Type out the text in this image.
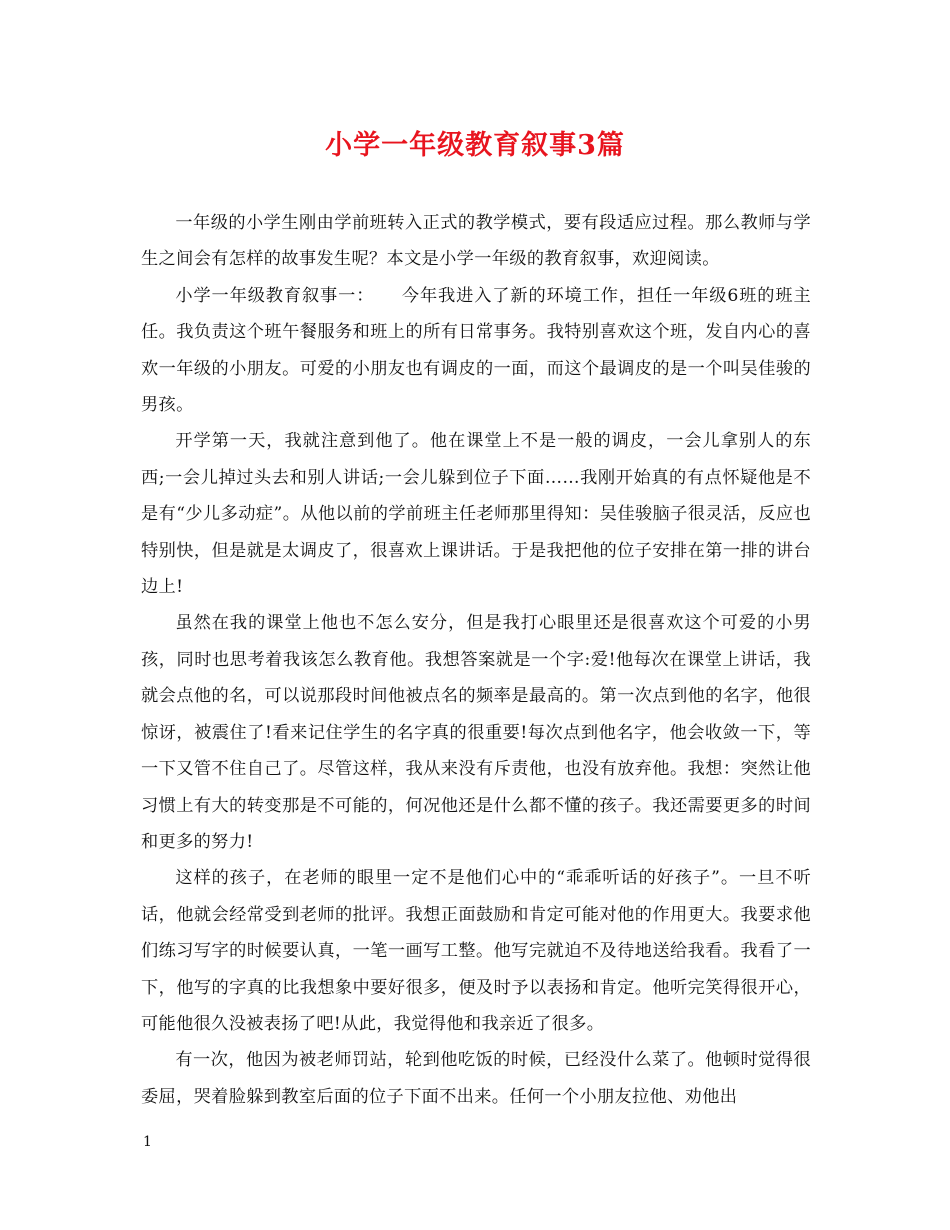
小学一年级教育叙事3篇

一年级的小学生刚由学前班转入正式的教学模式，要有段适应过程。那么教师与学生之间会有怎样的故事发生呢？本文是小学一年级的教育叙事，欢迎阅读。

小学一年级教育叙事一：　　今年我进入了新的环境工作，担任一年级6班的班主任。我负责这个班午餐服务和班上的所有日常事务。我特别喜欢这个班，发自内心的喜欢一年级的小朋友。可爱的小朋友也有调皮的一面，而这个最调皮的是一个叫吴佳骏的男孩。

开学第一天，我就注意到他了。他在课堂上不是一般的调皮，一会儿拿别人的东西;一会儿掉过头去和别人讲话;一会儿躲到位子下面……我刚开始真的有点怀疑他是不是有“少儿多动症”。从他以前的学前班主任老师那里得知：吴佳骏脑子很灵活，反应也特别快，但是就是太调皮了，很喜欢上课讲话。于是我把他的位子安排在第一排的讲台边上!

虽然在我的课堂上他也不怎么安分，但是我打心眼里还是很喜欢这个可爱的小男孩，同时也思考着我该怎么教育他。我想答案就是一个字:爱!他每次在课堂上讲话，我就会点他的名，可以说那段时间他被点名的频率是最高的。第一次点到他的名字，他很惊讶，被震住了!看来记住学生的名字真的很重要!每次点到他名字，他会收敛一下，等一下又管不住自己了。尽管这样，我从来没有斥责他，也没有放弃他。我想：突然让他习惯上有大的转变那是不可能的，何况他还是什么都不懂的孩子。我还需要更多的时间和更多的努力!

这样的孩子，在老师的眼里一定不是他们心中的“乖乖听话的好孩子”。一旦不听话，他就会经常受到老师的批评。我想正面鼓励和肯定可能对他的作用更大。我要求他们练习写字的时候要认真，一笔一画写工整。他写完就迫不及待地送给我看。我看了一下，他写的字真的比我想象中要好很多，便及时予以表扬和肯定。他听完笑得很开心，可能他很久没被表扬了吧!从此，我觉得他和我亲近了很多。

有一次，他因为被老师罚站，轮到他吃饭的时候，已经没什么菜了。他顿时觉得很委屈，哭着脸躲到教室后面的位子下面不出来。任何一个小朋友拉他、劝他出

1
